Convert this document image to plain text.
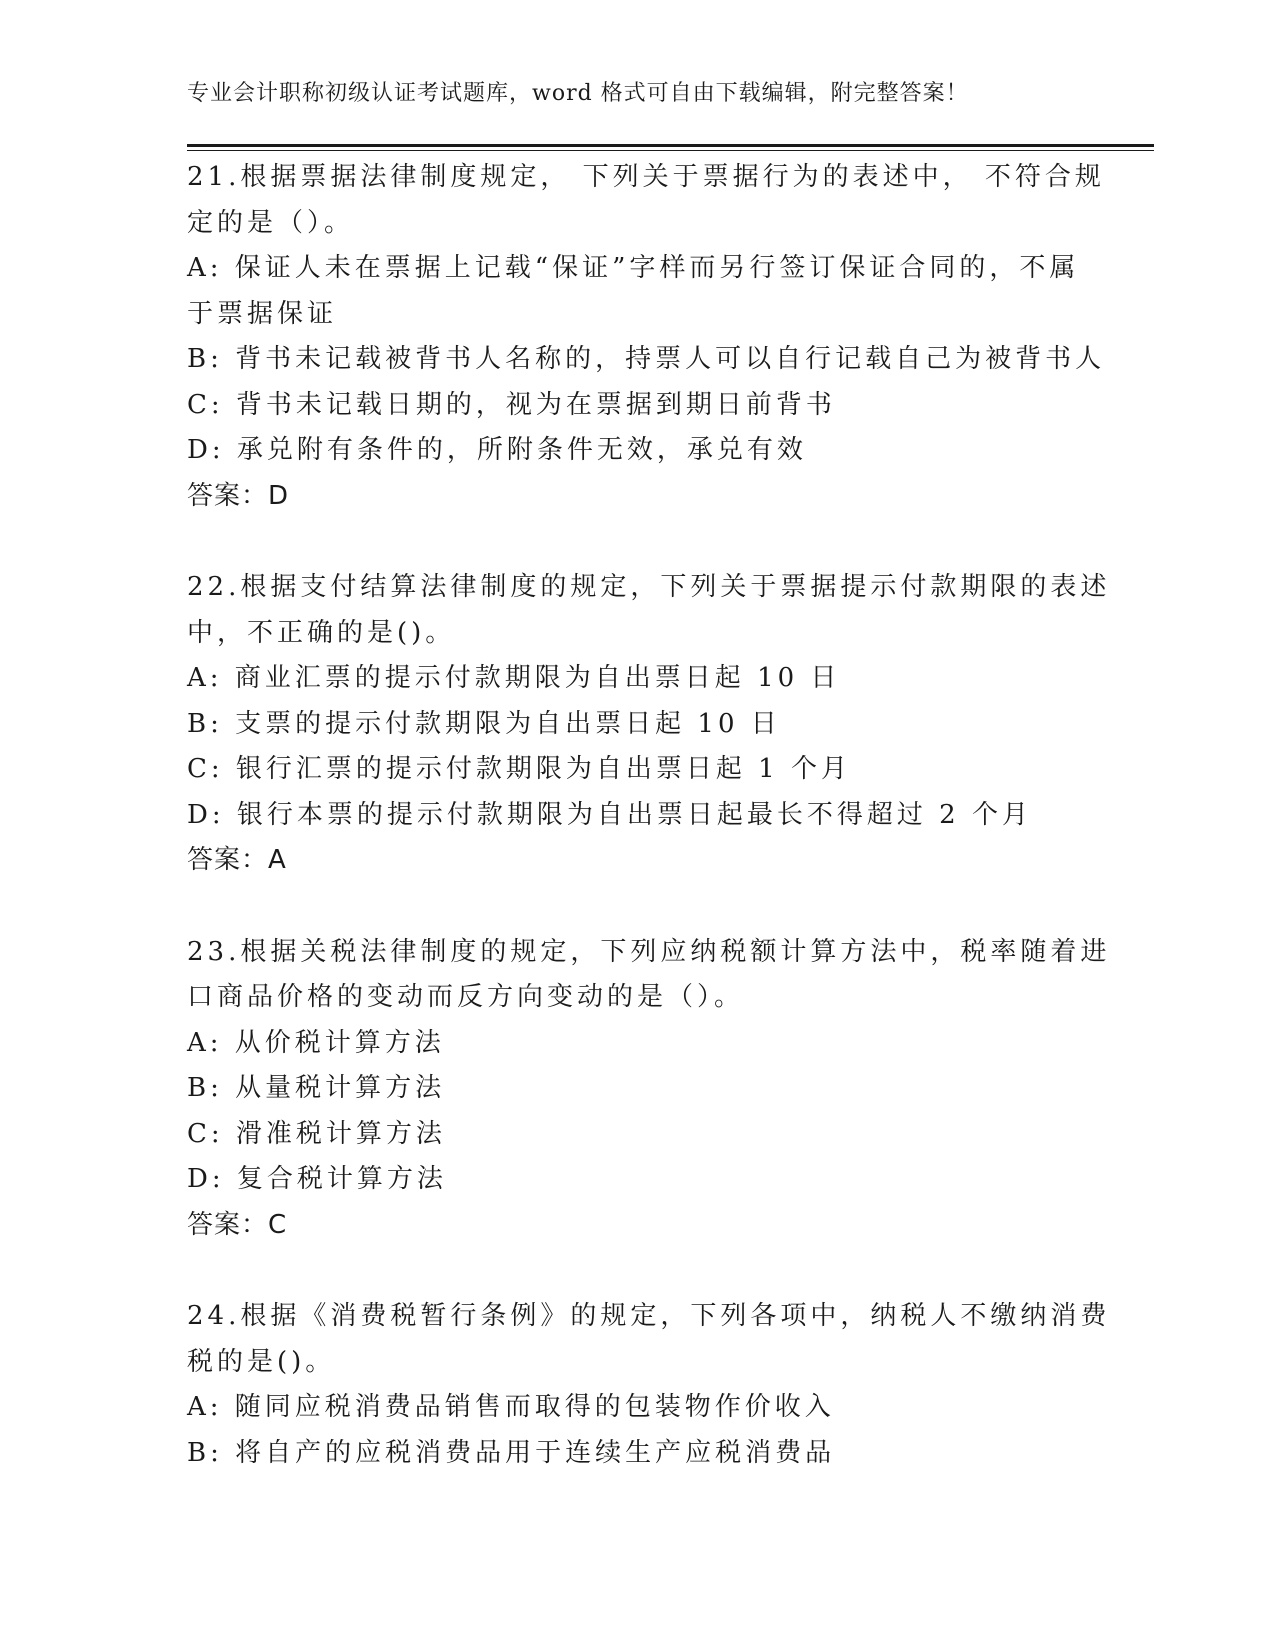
专业会计职称初级认证考试题库，word 格式可自由下载编辑，附完整答案！
21.根据票据法律制度规定， 下列关于票据行为的表述中， 不符合规
定的是（）。
A: 保证人未在票据上记载“保证”字样而另行签订保证合同的，不属
于票据保证
B: 背书未记载被背书人名称的，持票人可以自行记载自己为被背书人
C: 背书未记载日期的，视为在票据到期日前背书
D: 承兑附有条件的，所附条件无效，承兑有效
答案：D
22.根据支付结算法律制度的规定，下列关于票据提示付款期限的表述
中，不正确的是()。
A: 商业汇票的提示付款期限为自出票日起 10 日
B: 支票的提示付款期限为自出票日起 10 日
C: 银行汇票的提示付款期限为自出票日起 1 个月
D: 银行本票的提示付款期限为自出票日起最长不得超过 2 个月
答案：A
23.根据关税法律制度的规定，下列应纳税额计算方法中，税率随着进
口商品价格的变动而反方向变动的是（）。
A: 从价税计算方法
B: 从量税计算方法
C: 滑准税计算方法
D: 复合税计算方法
答案：C
24.根据《消费税暂行条例》的规定，下列各项中，纳税人不缴纳消费
税的是()。
A: 随同应税消费品销售而取得的包装物作价收入
B: 将自产的应税消费品用于连续生产应税消费品
